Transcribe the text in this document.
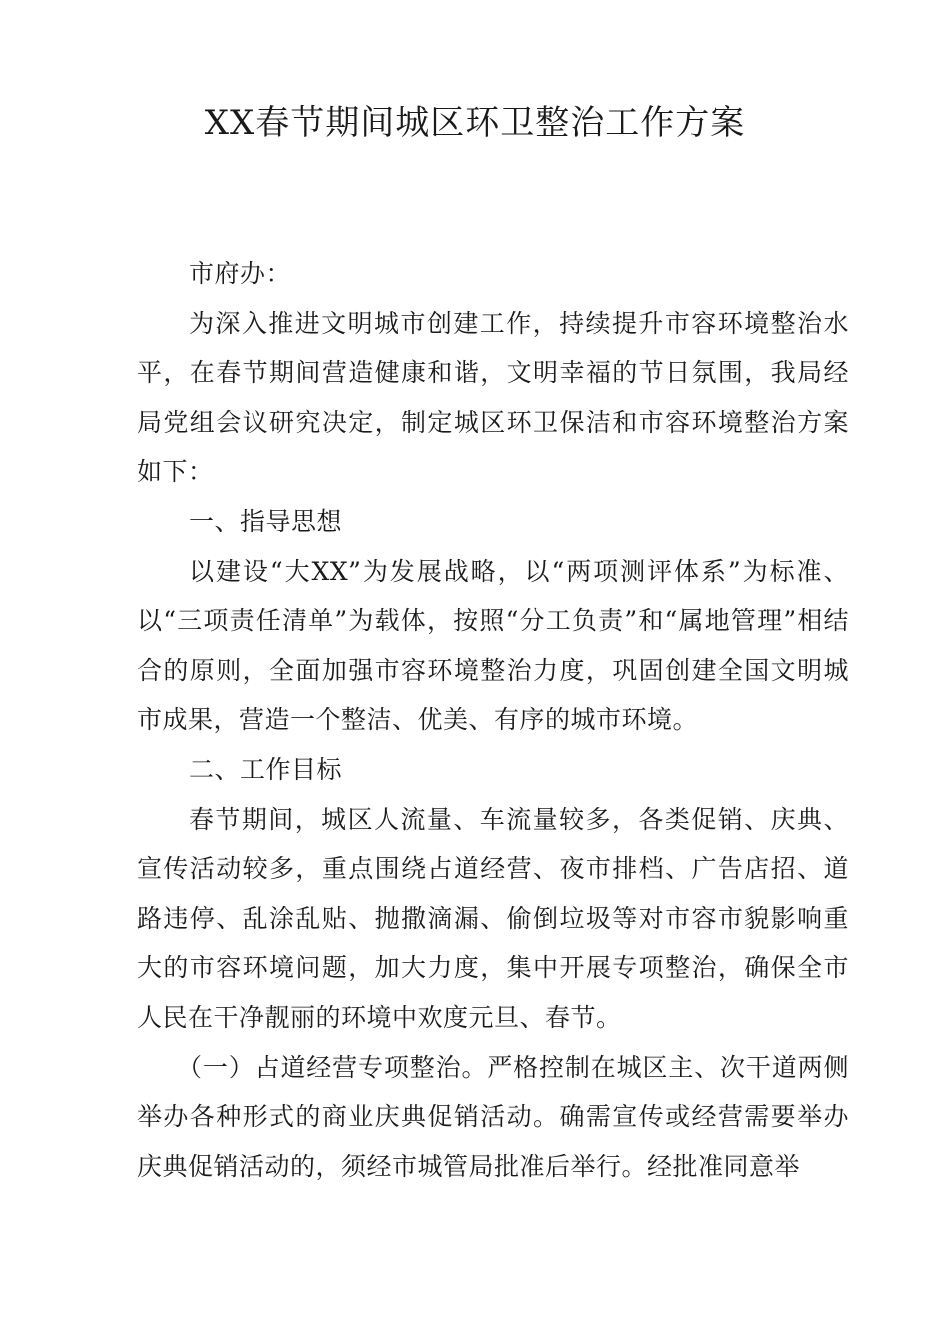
XX春节期间城区环卫整治工作方案

市府办：

为深入推进文明城市创建工作，持续提升市容环境整治水平，在春节期间营造健康和谐，文明幸福的节日氛围，我局经局党组会议研究决定，制定城区环卫保洁和市容环境整治方案如下：

一、指导思想

以建设“大XX”为发展战略，以“两项测评体系”为标准、以“三项责任清单”为载体，按照“分工负责”和“属地管理”相结合的原则，全面加强市容环境整治力度，巩固创建全国文明城市成果，营造一个整洁、优美、有序的城市环境。

二、工作目标

春节期间，城区人流量、车流量较多，各类促销、庆典、宣传活动较多，重点围绕占道经营、夜市排档、广告店招、道路违停、乱涂乱贴、抛撒滴漏、偷倒垃圾等对市容市貌影响重大的市容环境问题，加大力度，集中开展专项整治，确保全市人民在干净靓丽的环境中欢度元旦、春节。

（一）占道经营专项整治。严格控制在城区主、次干道两侧举办各种形式的商业庆典促销活动。确需宣传或经营需要举办庆典促销活动的，须经市城管局批准后举行。经批准同意举
